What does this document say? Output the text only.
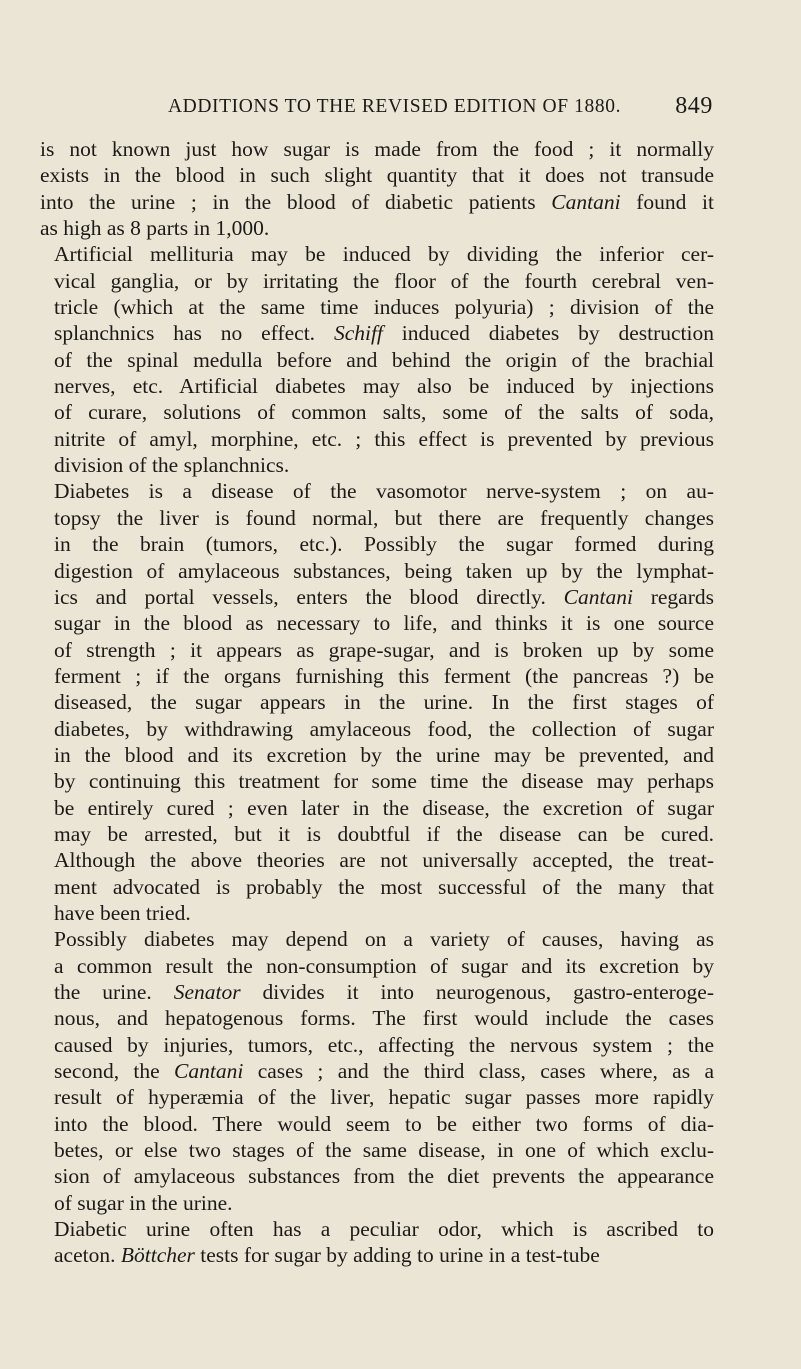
ADDITIONS TO THE REVISED EDITION OF 1880. 849

is not known just how sugar is made from the food ; it normally
exists in the blood in such slight quantity that it does not transude
into the urine ; in the blood of diabetic patients Cantani found it
as high as 8 parts in 1,000.

Artificial mellituria may be induced by dividing the inferior cer-
vical ganglia, or by irritating the floor of the fourth cerebral ven-
tricle (which at the same time induces polyuria) ; division of the
splanchnics has no effect. Schiff induced diabetes by destruction
of the spinal medulla before and behind the origin of the brachial
nerves, etc. Artificial diabetes may also be induced by injections
of curare, solutions of common salts, some of the salts of soda,
nitrite of amyl, morphine, etc. ; this effect is prevented by previous
division of the splanchnics.

Diabetes is a disease of the vasomotor nerve-system ; on au-
topsy the liver is found normal, but there are frequently changes
in the brain (tumors, etc.). Possibly the sugar formed during
digestion of amylaceous substances, being taken up by the lymphat-
ics and portal vessels, enters the blood directly. Cantani regards
sugar in the blood as necessary to life, and thinks it is one source
of strength ; it appears as grape-sugar, and is broken up by some
ferment ; if the organs furnishing this ferment (the pancreas ?) be
diseased, the sugar appears in the urine. In the first stages of
diabetes, by withdrawing amylaceous food, the collection of sugar
in the blood and its excretion by the urine may be prevented, and
by continuing this treatment for some time the disease may perhaps
be entirely cured ; even later in the disease, the excretion of sugar
may be arrested, but it is doubtful if the disease can be cured.
Although the above theories are not universally accepted, the treat-
ment advocated is probably the most successful of the many that
have been tried.

Possibly diabetes may depend on a variety of causes, having as
a common result the non-consumption of sugar and its excretion by
the urine. Senator divides it into neurogenous, gastro-enteroge-
nous, and hepatogenous forms. The first would include the cases
caused by injuries, tumors, etc., affecting the nervous system ; the
second, the Cantani cases ; and the third class, cases where, as a
result of hyperæmia of the liver, hepatic sugar passes more rapidly
into the blood. There would seem to be either two forms of dia-
betes, or else two stages of the same disease, in one of which exclu-
sion of amylaceous substances from the diet prevents the appearance
of sugar in the urine.

Diabetic urine often has a peculiar odor, which is ascribed to
aceton. Böttcher tests for sugar by adding to urine in a test-tube
